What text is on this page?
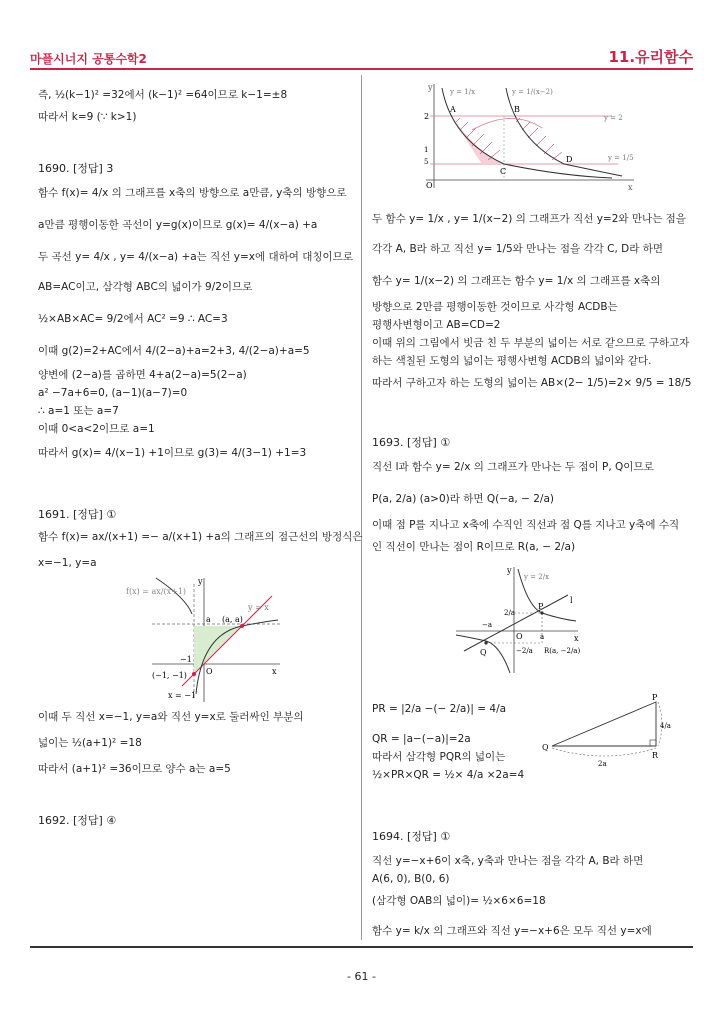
마플시너지 공통수학2	11.유리함수
즉, ½(k−1)² =32에서 (k−1)² =64이므로 k−1=±8
따라서 k=9 (∵ k>1)
1690. [정답] 3
함수 f(x)= 4/x 의 그래프를 x축의 방향으로 a만큼, y축의 방향으로
a만큼 평행이동한 곡선이 y=g(x)이므로 g(x)= 4/(x−a) +a
두 곡선 y= 4/x , y= 4/(x−a) +a는 직선 y=x에 대하여 대칭이므로
AB=AC이고, 삼각형 ABC의 넓이가 9/2이므로
½×AB×AC= 9/2에서 AC² =9 ∴ AC=3
이때 g(2)=2+AC에서 4/(2−a)+a=2+3, 4/(2−a)+a=5
양변에 (2−a)를 곱하면 4+a(2−a)=5(2−a)
a² −7a+6=0, (a−1)(a−7)=0
∴ a=1 또는 a=7
이때 0<a<2이므로 a=1
따라서 g(x)= 4/(x−1) +1이므로 g(3)= 4/(3−1) +1=3
1691. [정답] ①
함수 f(x)= ax/(x+1) =− a/(x+1) +a의 그래프의 점근선의 방정식은
x=−1, y=a
이때 두 직선 x=−1, y=a와 직선 y=x로 둘러싸인 부분의
넓이는 ½(a+1)² =18
따라서 (a+1)² =36이므로 양수 a는 a=5
1692. [정답] ④
두 함수 y= 1/x , y= 1/(x−2) 의 그래프가 직선 y=2와 만나는 점을
각각 A, B라 하고 직선 y= 1/5와 만나는 점을 각각 C, D라 하면
함수 y= 1/(x−2) 의 그래프는 함수 y= 1/x 의 그래프를 x축의
방향으로 2만큼 평행이동한 것이므로 사각형 ACDB는
평행사변형이고 AB=CD=2
이때 위의 그림에서 빗금 친 두 부분의 넓이는 서로 같으므로 구하고자
하는 색칠된 도형의 넓이는 평행사변형 ACDB의 넓이와 같다.
따라서 구하고자 하는 도형의 넓이는 AB×(2− 1/5)=2× 9/5 = 18/5
1693. [정답] ①
직선 l과 함수 y= 2/x 의 그래프가 만나는 두 점이 P, Q이므로
P(a, 2/a) (a>0)라 하면 Q(−a, − 2/a)
이때 점 P를 지나고 x축에 수직인 직선과 점 Q를 지나고 y축에 수직
인 직선이 만나는 점이 R이므로 R(a, − 2/a)
PR = |2/a −(− 2/a)| = 4/a
QR = |a−(−a)|=2a
따라서 삼각형 PQR의 넓이는
½×PR×QR = ½× 4/a ×2a=4
1694. [정답] ①
직선 y=−x+6이 x축, y축과 만나는 점을 각각 A, B라 하면
A(6, 0), B(0, 6)
(삼각형 OAB의 넓이)= ½×6×6=18
함수 y= k/x 의 그래프와 직선 y=−x+6은 모두 직선 y=x에
y
x
O
2
1
5
A	B
C
D
y = 1/x	y = 1/(x−2)
y = 2
y = 1/5
y
x
O
−1
(−1, −1)
x = −1
y = x
(a, a)
a
f(x) = ax/(x+1)
y
x
O
l
P
Q
−a
a
R(a, −2/a)
2/a
−2/a
y = 2/x
P
Q
R
4/a
2a
- 61 -
